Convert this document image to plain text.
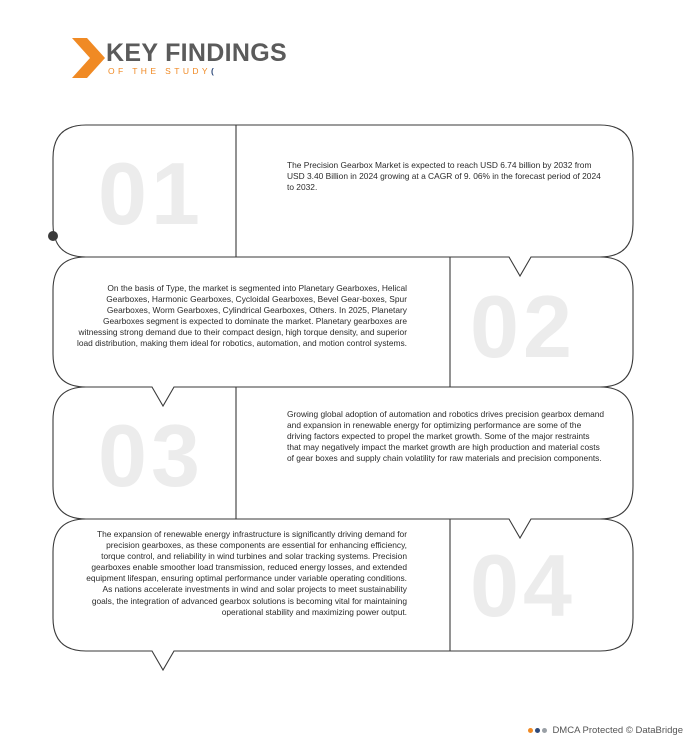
KEY FINDINGS
OF THE STUDY(
01	The Precision Gearbox Market is expected to reach USD 6.74 billion by 2032 from USD 3.40 Billion in 2024 growing at a CAGR of 9. 06% in the forecast period of 2024 to 2032.
02
On the basis of Type, the market is segmented into Planetary Gearboxes, Helical Gearboxes, Harmonic Gearboxes, Cycloidal Gearboxes, Bevel Gear-boxes, Spur Gearboxes, Worm Gearboxes, Cylindrical Gearboxes, Others. In 2025, Planetary Gearboxes segment is expected to dominate the market. Planetary gearboxes are witnessing strong demand due to their compact design, high torque density, and superior load distribution, making them ideal for robotics, automation, and motion control systems.
03	Growing global adoption of automation and robotics drives precision gearbox demand and expansion in renewable energy for optimizing performance are some of the driving factors expected to propel the market growth. Some of the major restraints that may negatively impact the market growth are high production and material costs of gear boxes and supply chain volatility for raw materials and precision components.
04
The expansion of renewable energy infrastructure is significantly driving demand for precision gearboxes, as these components are essential for enhancing efficiency, torque control, and reliability in wind turbines and solar tracking systems. Precision gearboxes enable smoother load transmission, reduced energy losses, and extended equipment lifespan, ensuring optimal performance under variable operating conditions. As nations accelerate investments in wind and solar projects to meet sustainability goals, the integration of advanced gearbox solutions is becoming vital for maintaining operational stability and maximizing power output.
DMCA Protected © DataBridge
